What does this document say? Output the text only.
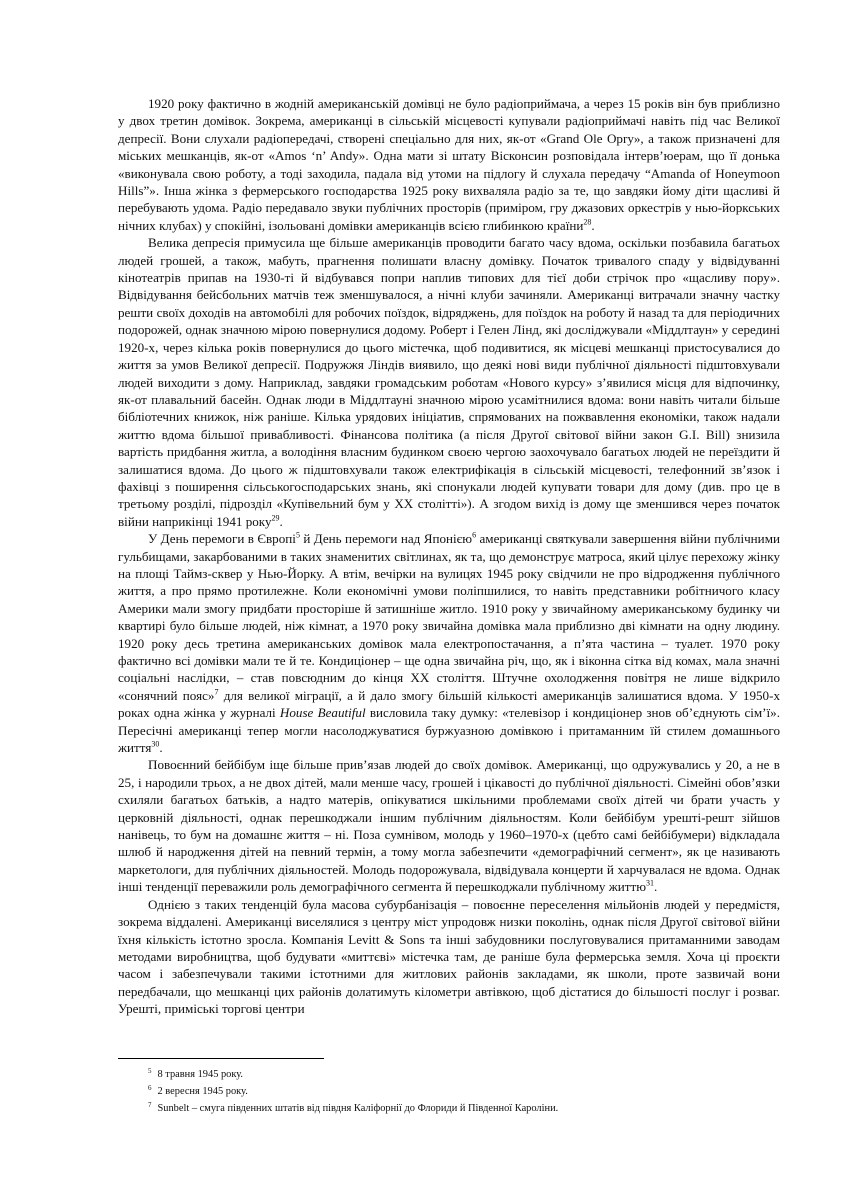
1920 року фактично в жодній американській домівці не було радіоприймача, а через 15 років він був приблизно у двох третин домівок. Зокрема, американці в сільській місцевості купували радіоприймачі навіть під час Великої депресії. Вони слухали радіопередачі, створені спеціально для них, як-от «Grand Ole Opry», а також призначені для міських мешканців, як-от «Amos ‘n’ Andy». Одна мати зі штату Вісконсин розповідала інтерв’юерам, що її донька «виконувала свою роботу, а тоді заходила, падала від утоми на підлогу й слухала передачу “Amanda of Honeymoon Hills”». Інша жінка з фермерського господарства 1925 року вихваляла радіо за те, що завдяки йому діти щасливі й перебувають удома. Радіо передавало звуки публічних просторів (приміром, гру джазових оркестрів у нью-йоркських нічних клубах) у спокійні, ізольовані домівки американців всією глибинкою країни$^{28}$.

Велика депресія примусила ще більше американців проводити багато часу вдома, оскільки позбавила багатьох людей грошей, а також, мабуть, прагнення полишати власну домівку. Початок тривалого спаду у відвідуванні кінотеатрів припав на 1930-ті й відбувався попри наплив типових для тієї доби стрічок про «щасливу пору». Відвідування бейсбольних матчів теж зменшувалося, а нічні клуби зачиняли. Американці витрачали значну частку решти своїх доходів на автомобілі для робочих поїздок, відряджень, для поїздок на роботу й назад та для періодичних подорожей, однак значною мірою повернулися додому. Роберт і Гелен Лінд, які досліджували «Міддлтаун» у середині 1920-х, через кілька років повернулися до цього містечка, щоб подивитися, як місцеві мешканці пристосувалися до життя за умов Великої депресії. Подружжя Ліндів виявило, що деякі нові види публічної діяльності підштовхували людей виходити з дому. Наприклад, завдяки громадським роботам «Нового курсу» з’явилися місця для відпочинку, як-от плавальний басейн. Однак люди в Міддлтауні значною мірою усамітнилися вдома: вони навіть читали більше бібліотечних книжок, ніж раніше. Кілька урядових ініціатив, спрямованих на пожвавлення економіки, також надали життю вдома більшої привабливості. Фінансова політика (а після Другої світової війни закон G.I. Bill) знизила вартість придбання житла, а володіння власним будинком своєю чергою заохочувало багатьох людей не переїздити й залишатися вдома. До цього ж підштовхували також електрифікація в сільській місцевості, телефонний зв’язок і фахівці з поширення сільськогосподарських знань, які спонукали людей купувати товари для дому (див. про це в третьому розділі, підрозділ «Купівельний бум у XX столітті»). А згодом вихід із дому ще зменшився через початок війни наприкінці 1941 року$^{29}$.

У День перемоги в Європі$^5$ й День перемоги над Японією$^6$ американці святкували завершення війни публічними гульбищами, закарбованими в таких знаменитих світлинах, як та, що демонструє матроса, який цілує перехожу жінку на площі Таймз-сквер у Нью-Йорку. А втім, вечірки на вулицях 1945 року свідчили не про відродження публічного життя, а про прямо протилежне. Коли економічні умови поліпшилися, то навіть представники робітничого класу Америки мали змогу придбати просторіше й затишніше житло. 1910 року у звичайному американському будинку чи квартирі було більше людей, ніж кімнат, а 1970 року звичайна домівка мала приблизно дві кімнати на одну людину. 1920 року десь третина американських домівок мала електропостачання, а п’ята частина – туалет. 1970 року фактично всі домівки мали те й те. Кондиціонер – ще одна звичайна річ, що, як і віконна сітка від комах, мала значні соціальні наслідки, – став повсюдним до кінця XX століття. Штучне охолодження повітря не лише відкрило «сонячний пояс»$^7$ для великої міграції, а й дало змогу більшій кількості американців залишатися вдома. У 1950-х роках одна жінка у журналі House Beautiful висловила таку думку: «телевізор і кондиціонер знов об’єднують сім’ї». Пересічні американці тепер могли насолоджуватися буржуазною домівкою і притаманним їй стилем домашнього життя$^{30}$.

Повоєнний бейбібум іще більше прив’язав людей до своїх домівок. Американці, що одружувались у 20, а не в 25, і народили трьох, а не двох дітей, мали менше часу, грошей і цікавості до публічної діяльності. Сімейні обов’язки схиляли багатьох батьків, а надто матерів, опікуватися шкільними проблемами своїх дітей чи брати участь у церковній діяльності, однак перешкоджали іншим публічним діяльностям. Коли бейбібум урешті-решт зійшов нанівець, то бум на домашнє життя – ні. Поза сумнівом, молодь у 1960–1970-х (цебто самі бейбібумери) відкладала шлюб й народження дітей на певний термін, а тому могла забезпечити «демографічний сегмент», як це називають маркетологи, для публічних діяльностей. Молодь подорожувала, відвідувала концерти й харчувалася не вдома. Однак інші тенденції переважили роль демографічного сегмента й перешкоджали публічному життю$^{31}$.

Однією з таких тенденцій була масова субурбанізація – повоєнне переселення мільйонів людей у передмістя, зокрема віддалені. Американці виселялися з центру міст упродовж низки поколінь, однак після Другої світової війни їхня кількість істотно зросла. Компанія Levitt & Sons та інші забудовники послуговувалися притаманними заводам методами виробництва, щоб будувати «миттєві» містечка там, де раніше була фермерська земля. Хоча ці проєкти часом і забезпечували такими істотними для житлових районів закладами, як школи, проте зазвичай вони передбачали, що мешканці цих районів долатимуть кілометри автівкою, щоб дістатися до більшості послуг і розваг. Урешті, приміські торгові центри

$^5$ 8 травня 1945 року.
$^6$ 2 вересня 1945 року.
$^7$ Sunbelt – смуга південних штатів від півдня Каліфорнії до Флориди й Південної Кароліни.
